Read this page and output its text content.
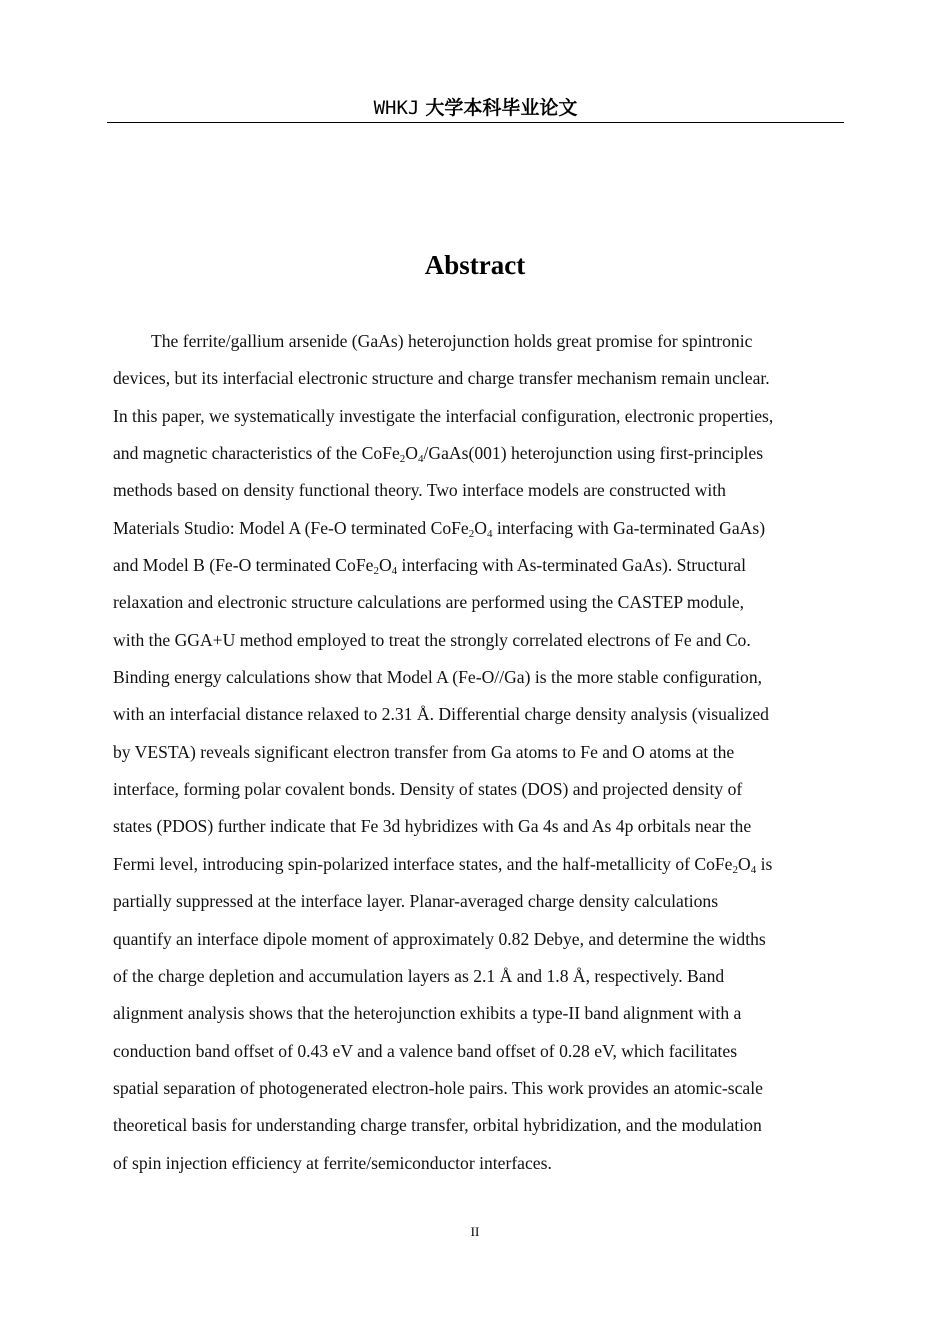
WHKJ 大学本科毕业论文
Abstract
The ferrite/gallium arsenide (GaAs) heterojunction holds great promise for spintronic
devices, but its interfacial electronic structure and charge transfer mechanism remain unclear.
In this paper, we systematically investigate the interfacial configuration, electronic properties,
and magnetic characteristics of the $CoFe_2O_4/GaAs(001)$ heterojunction using first-principles
methods based on density functional theory. Two interface models are constructed with
Materials Studio: Model A (Fe-O terminated $CoFe_2O_4$ interfacing with Ga-terminated GaAs)
and Model B (Fe-O terminated $CoFe_2O_4$ interfacing with As-terminated GaAs). Structural
relaxation and electronic structure calculations are performed using the CASTEP module,
with the GGA+U method employed to treat the strongly correlated electrons of Fe and Co.
Binding energy calculations show that Model A (Fe-O//Ga) is the more stable configuration,
with an interfacial distance relaxed to 2.31 Å. Differential charge density analysis (visualized
by VESTA) reveals significant electron transfer from Ga atoms to Fe and O atoms at the
interface, forming polar covalent bonds. Density of states (DOS) and projected density of
states (PDOS) further indicate that Fe 3d hybridizes with Ga 4s and As 4p orbitals near the
Fermi level, introducing spin-polarized interface states, and the half-metallicity of $CoFe_2O_4$ is
partially suppressed at the interface layer. Planar-averaged charge density calculations
quantify an interface dipole moment of approximately 0.82 Debye, and determine the widths
of the charge depletion and accumulation layers as 2.1 Å and 1.8 Å, respectively. Band
alignment analysis shows that the heterojunction exhibits a type-II band alignment with a
conduction band offset of 0.43 eV and a valence band offset of 0.28 eV, which facilitates
spatial separation of photogenerated electron-hole pairs. This work provides an atomic-scale
theoretical basis for understanding charge transfer, orbital hybridization, and the modulation
of spin injection efficiency at ferrite/semiconductor interfaces.
II
